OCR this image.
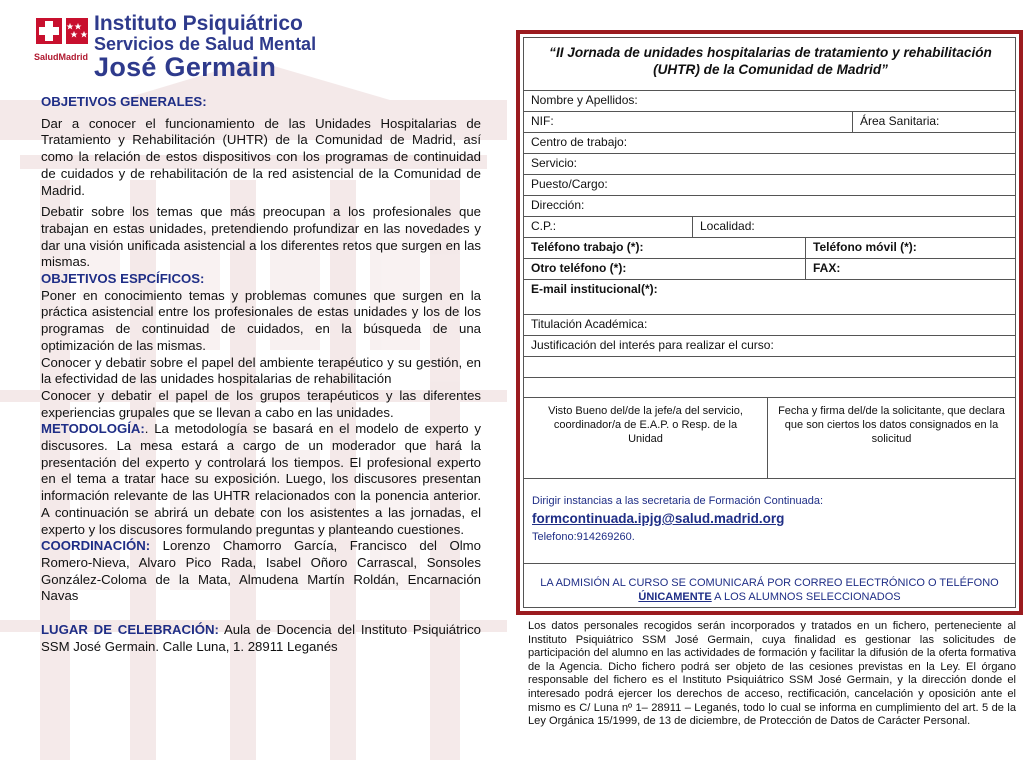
SaludMadrid
Instituto Psiquiátrico
Servicios de Salud Mental
José Germain

OBJETIVOS GENERALES:

Dar a conocer el funcionamiento de las Unidades Hospitalarias de Tratamiento y Rehabilitación (UHTR) de la Comunidad de Madrid, así como la relación de estos dispositivos con los programas de continuidad de cuidados y de rehabilitación de la red asistencial de la Comunidad de Madrid.

Debatir sobre los temas que más preocupan a los profesionales que trabajan en estas unidades, pretendiendo profundizar en las novedades y dar una visión unificada asistencial a los diferentes retos que surgen en las mismas.

OBJETIVOS ESPCÍFICOS:

Poner en conocimiento temas y problemas comunes que surgen en la práctica asistencial entre los profesionales de estas unidades y los de los programas de continuidad de cuidados, en la búsqueda de una optimización de las mismas.

Conocer y debatir sobre el papel del ambiente terapéutico y su gestión, en la efectividad de las unidades hospitalarias de rehabilitación

Conocer y debatir el papel de los grupos terapéuticos y las diferentes experiencias grupales que se llevan a cabo en las unidades.

METODOLOGÍA:. La metodología se basará en el modelo de experto y discusores. La mesa estará a cargo de un moderador que hará la presentación del experto y controlará los tiempos. El profesional experto en el tema a tratar hace su exposición. Luego, los discusores presentan información relevante de las UHTR relacionados con la ponencia anterior. A continuación se abrirá un debate con los asistentes a las jornadas, el experto y los discusores formulando preguntas y planteando cuestiones.

COORDINACIÓN: Lorenzo Chamorro García, Francisco del Olmo Romero-Nieva, Alvaro Pico Rada, Isabel Oñoro Carrascal, Sonsoles González-Coloma de la Mata, Almudena Martín Roldán, Encarnación Navas

LUGAR DE CELEBRACIÓN: Aula de Docencia del Instituto Psiquiátrico SSM José Germain. Calle Luna, 1. 28911 Leganés

“II Jornada de unidades hospitalarias de tratamiento y rehabilitación (UHTR) de la Comunidad de Madrid”
Nombre y Apellidos:
NIF:	Área Sanitaria:
Centro de trabajo:
Servicio:
Puesto/Cargo:
Dirección:
C.P.:	Localidad:
Teléfono trabajo (*):	Teléfono móvil (*):
Otro teléfono (*):	FAX:
E-mail institucional(*):
Titulación Académica:
Justificación del interés para realizar el curso:
Visto Bueno del/de la jefe/a del servicio, coordinador/a de E.A.P. o Resp. de la Unidad
Fecha y firma del/de la solicitante, que declara que son ciertos los datos consignados en la solicitud
Dirigir instancias a las secretaria de Formación Continuada:
formcontinuada.ipjg@salud.madrid.org
Telefono:914269260.
LA ADMISIÓN AL CURSO SE COMUNICARÁ POR CORREO ELECTRÓNICO O TELÉFONO
ÚNICAMENTE A LOS ALUMNOS SELECCIONADOS
Los datos personales recogidos serán incorporados y tratados en un fichero, perteneciente al Instituto Psiquiátrico SSM José Germain, cuya finalidad es gestionar las solicitudes de participación del alumno en las actividades de formación y facilitar la difusión de la oferta formativa de la Agencia. Dicho fichero podrá ser objeto de las cesiones previstas en la Ley. El órgano responsable del fichero es el Instituto Psiquiátrico SSM José Germain, y la dirección donde el interesado podrá ejercer los derechos de acceso, rectificación, cancelación y oposición ante el mismo es C/ Luna nº 1– 28911 – Leganés, todo lo cual se informa en cumplimiento del art. 5 de la Ley Orgánica 15/1999, de 13 de diciembre, de Protección de Datos de Carácter Personal.
